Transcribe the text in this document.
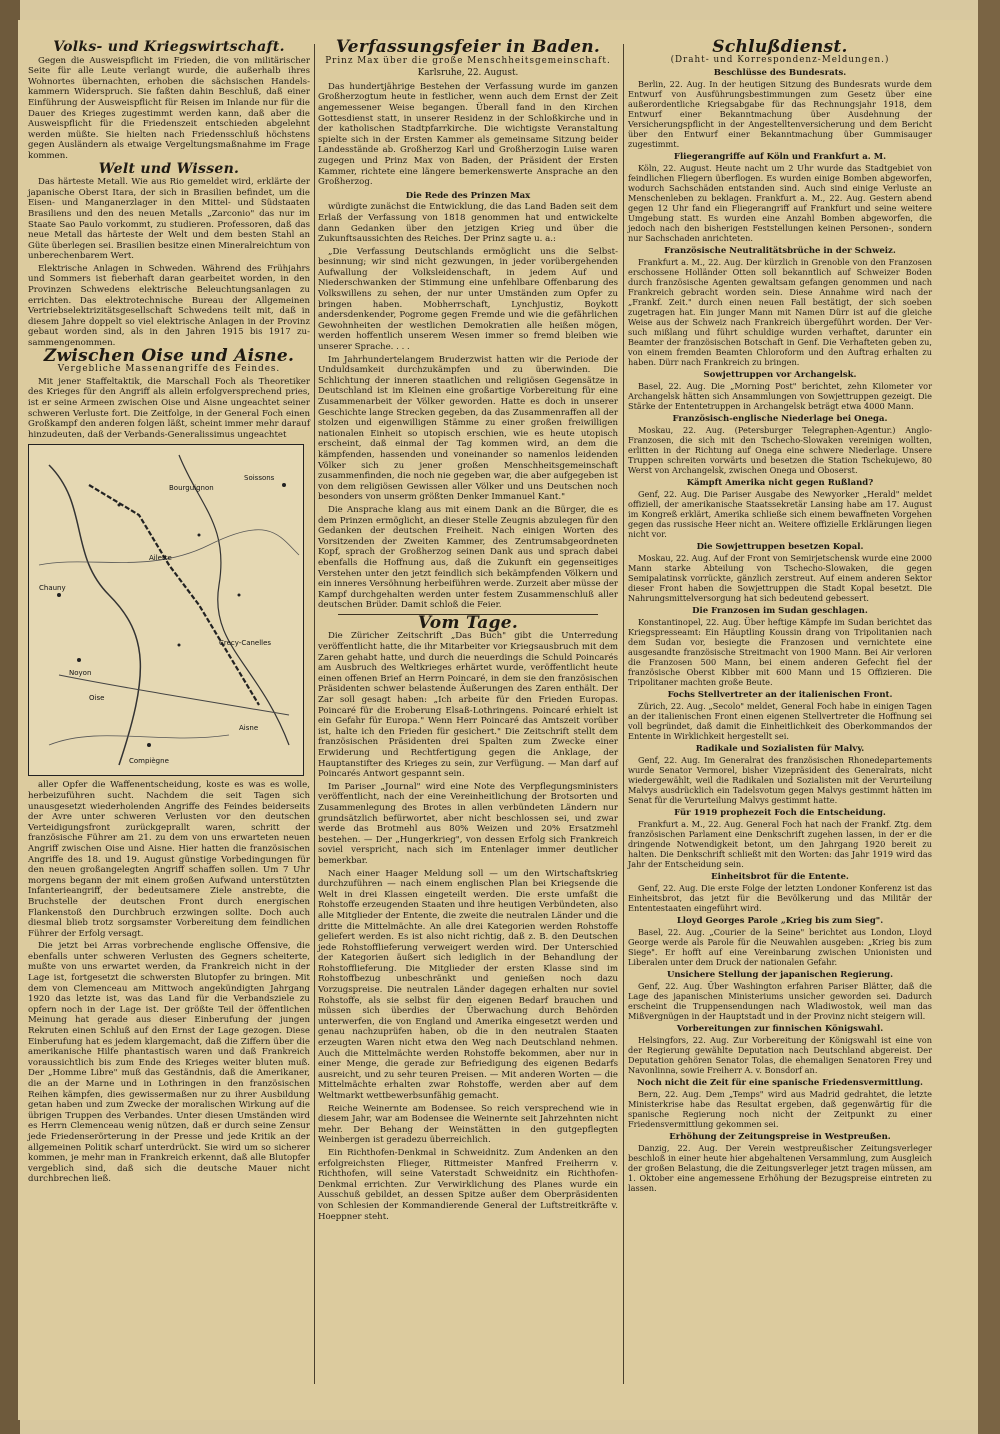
Volks- und Kriegswirtschaft.

Gegen die Ausweispflicht im Frieden, die von militärischer Seite für alle Leute verlangt wurde, die außerhalb ihres Wohnortes übernachten, erhoben die sächsischen Handelskammern Widerspruch. Sie faßten dahin Beschluß, daß einer Einführung der Ausweispflicht für Reisen im Inlande nur für die Dauer des Krieges zugestimmt werden kann, daß aber die Ausweispflicht für die Friedenszeit entschieden abgelehnt werden müßte. Sie hielten nach Friedensschluß höchstens gegen Ausländern als etwaige Vergeltungsmaßnahme im Frage kommen.

Welt und Wissen.

Das härteste Metall. Wie aus Rio gemeldet wird, erklärte der japanische Oberst Itara, der sich in Brasilien befindet, um die Eisen- und Manganerzlager in den Mittel- und Südstaaten Brasiliens und den des neuen Metalls „Zarconio" das nur im Staate Sao Paulo vorkommt, zu studieren. Professoren, daß das neue Metall das härteste der Welt und dem besten Stahl an Güte überlegen sei. Brasilien besitze einen Mineralreichtum von unberechenbarem Wert.

Elektrische Anlagen in Schweden. Während des Frühjahrs und Sommers ist fieberhaft daran gearbeitet worden, in den Provinzen Schwedens elektrische Beleuchtungsanlagen zu errichten. Das elektrotechnische Bureau der Allgemeinen Vertriebselektrizitätsgesellschaft Schwedens teilt mit, daß in diesem Jahre doppelt so viel elektrische Anlagen in der Provinz gebaut worden sind, als in den Jahren 1915 bis 1917 zusammengenommen.

Zwischen Oise und Aisne.
Vergebliche Massenangriffe des Feindes.

Mit jener Staffeltaktik, die Marschall Foch als Theoretiker des Krieges für den Angriff als allein erfolgversprechend pries, ist er seine Armeen zwischen Oise und Aisne ungeachtet seiner schweren Verluste fort. Die Zeitfolge, in der General Foch einen Großkampf den anderen folgen läßt, scheint immer mehr darauf hinzudeuten, daß der Verbands-Generalissimus ungeachtet

Chauny
Noyon
Compiègne
Soissons
Oise
Aisne
Ailette
Bourguignon
Crecy-Canelles

aller Opfer die Waffenentscheidung, koste es was es wolle, herbeizuführen sucht. Nachdem die seit Tagen sich unausgesetzt wiederholenden Angriffe des Feindes beiderseits der Avre unter schweren Verlusten vor den deutschen Verteidigungsfront zurückgeprallt waren, schritt der französische Führer am 21. zu dem von uns erwarteten neuen Angriff zwischen Oise und Aisne. Hier hatten die französischen Angriffe des 18. und 19. August günstige Vorbedingungen für den neuen großangelegten Angriff schaffen sollen. Um 7 Uhr morgens begann der mit einem großen Aufwand unterstützten Infanterieangriff, der bedeutsamere Ziele anstrebte, die Bruchstelle der deutschen Front durch energischen Flankenstoß den Durchbruch erzwingen sollte. Doch auch diesmal blieb trotz sorgsamster Vorbereitung dem feindlichen Führer der Erfolg versagt.

Die jetzt bei Arras vorbrechende englische Offensive, die ebenfalls unter schweren Verlusten des Gegners scheiterte, mußte von uns erwartet werden, da Frankreich nicht in der Lage ist, fortgesetzt die schwersten Blutopfer zu bringen. Mit dem von Clemenceau am Mittwoch angekündigten Jahrgang 1920 das letzte ist, was das Land für die Verbandsziele zu opfern noch in der Lage ist. Der größte Teil der öffentlichen Meinung hat gerade aus dieser Einberufung der jungen Rekruten einen Schluß auf den Ernst der Lage gezogen. Diese Einberufung hat es jedem klargemacht, daß die Ziffern über die amerikanische Hilfe phantastisch waren und daß Frankreich voraussichtlich bis zum Ende des Krieges weiter bluten muß. Der „Homme Libre" muß das Geständnis, daß die Amerikaner, die an der Marne und in Lothringen in den französischen Reihen kämpfen, dies gewissermaßen nur zu ihrer Ausbildung getan haben und zum Zwecke der moralischen Wirkung auf die übrigen Truppen des Verbandes. Unter diesen Umständen wird es Herrn Clemenceau wenig nützen, daß er durch seine Zensur jede Friedenserörterung in der Presse und jede Kritik an der allgemeinen Politik scharf unterdrückt. Sie wird um so sicherer kommen, je mehr man in Frankreich erkennt, daß alle Blutopfer vergeblich sind, daß sich die deutsche Mauer nicht durchbrechen ließ.

Verfassungsfeier in Baden.
Prinz Max über die große Menschheitsgemeinschaft.
Karlsruhe, 22. August.

Das hundertjährige Bestehen der Verfassung wurde im ganzen Großherzogtum heute in festlicher, wenn auch dem Ernst der Zeit angemessener Weise begangen. Überall fand in den Kirchen Gottesdienst statt, in unserer Residenz in der Schloßkirche und in der katholischen Stadtpfarrkirche. Die wichtigste Veranstaltung spielte sich in der Ersten Kammer als gemeinsame Sitzung beider Landesstände ab. Großherzog Karl und Großherzogin Luise waren zugegen und Prinz Max von Baden, der Präsident der Ersten Kammer, richtete eine längere bemerkenswerte Ansprache an den Großherzog.

Die Rede des Prinzen Max

würdigte zunächst die Entwicklung, die das Land Baden seit dem Erlaß der Verfassung von 1818 genommen hat und entwickelte dann Gedanken über den jetzigen Krieg und über die Zukunftsaussichten des Reiches. Der Prinz sagte u. a.:

„Die Verfassung Deutschlands ermöglicht uns die Selbstbesinnung; wir sind nicht gezwungen, in jeder vorübergehenden Aufwallung der Volksleidenschaft, in jedem Auf und Niederschwanken der Stimmung eine unfehlbare Offenbarung des Volkswillens zu sehen, der nur unter Umständen zum Opfer zu bringen haben. Mobherrschaft, Lynchjustiz, Boykott andersdenkender, Pogrome gegen Fremde und wie die gefährlichen Gewohnheiten der westlichen Demokratien alle heißen mögen, werden hoffentlich unserem Wesen immer so fremd bleiben wie unserer Sprache. . . .

Im Jahrhundertelangem Bruderzwist hatten wir die Periode der Unduldsamkeit durchzukämpfen und zu überwinden. Die Schlichtung der inneren staatlichen und religiösen Gegensätze in Deutschland ist im Kleinen eine großartige Vorbereitung für eine Zusammenarbeit der Völker geworden. Hatte es doch in unserer Geschichte lange Strecken gegeben, da das Zusammenraffen all der stolzen und eigenwilligen Stämme zu einer großen freiwilligen nationalen Einheit so utopisch erschien, wie es heute utopisch erscheint, daß einmal der Tag kommen wird, an dem die kämpfenden, hassenden und voneinander so namenlos leidenden Völker sich zu jener großen Menschheitsgemeinschaft zusammenfinden, die noch nie gegeben war, die aber aufgegeben ist von dem religiösen Gewissen aller Völker und uns Deutschen noch besonders von unserm größten Denker Immanuel Kant."

Die Ansprache klang aus mit einem Dank an die Bürger, die es dem Prinzen ermöglicht, an dieser Stelle Zeugnis abzulegen für den Gedanken der deutschen Freiheit. Nach einigen Worten des Vorsitzenden der Zweiten Kammer, des Zentrumsabgeordneten Kopf, sprach der Großherzog seinen Dank aus und sprach dabei ebenfalls die Hoffnung aus, daß die Zukunft ein gegenseitiges Verstehen unter den jetzt feindlich sich bekämpfenden Völkern und ein inneres Versöhnung herbeiführen werde. Zurzeit aber müsse der Kampf durchgehalten werden unter festem Zusammenschluß aller deutschen Brüder. Damit schloß die Feier.

Vom Tage.

Die Züricher Zeitschrift „Das Buch" gibt die Unterredung veröffentlicht hatte, die ihr Mitarbeiter vor Kriegsausbruch mit dem Zaren gehabt hatte, und durch die neuerdings die Schuld Poincarés am Ausbruch des Weltkrieges erhärtet wurde, veröffentlicht heute einen offenen Brief an Herrn Poincaré, in dem sie den französischen Präsidenten schwer belastende Äußerungen des Zaren enthält. Der Zar soll gesagt haben: „Ich arbeite für den Frieden Europas. Poincaré für die Eroberung Elsaß-Lothringens. Poincaré erhielt ist ein Gefahr für Europa." Wenn Herr Poincaré das Amtszeit vorüber ist, halte ich den Frieden für gesichert." Die Zeitschrift stellt dem französischen Präsidenten drei Spalten zum Zwecke einer Erwiderung und Rechtfertigung gegen die Anklage, der Hauptanstifter des Krieges zu sein, zur Verfügung. — Man darf auf Poincarés Antwort gespannt sein.

Im Pariser „Journal" wird eine Note des Verpflegungsministers veröffentlicht, nach der eine Vereinheitlichung der Brotsorten und Zusammenlegung des Brotes in allen verbündeten Ländern nur grundsätzlich befürwortet, aber nicht beschlossen sei, und zwar werde das Brotmehl aus 80% Weizen und 20% Ersatzmehl bestehen. — Der „Hungerkrieg", von dessen Erfolg sich Frankreich soviel verspricht, nach sich im Entenlager immer deutlicher bemerkbar.

Nach einer Haager Meldung soll — um den Wirtschaftskrieg durchzuführen — nach einem englischen Plan bei Kriegsende die Welt in drei Klassen eingeteilt werden. Die erste umfaßt die Rohstoffe erzeugenden Staaten und ihre heutigen Verbündeten, also alle Mitglieder der Entente, die zweite die neutralen Länder und die dritte die Mittelmächte. An alle drei Kategorien werden Rohstoffe geliefert werden. Es ist also nicht richtig, daß z. B. den Deutschen jede Rohstofflieferung verweigert werden wird. Der Unterschied der Kategorien äußert sich lediglich in der Behandlung der Rohstofflieferung. Die Mitglieder der ersten Klasse sind im Rohstoffbezug unbeschränkt und genießen noch dazu Vorzugspreise. Die neutralen Länder dagegen erhalten nur soviel Rohstoffe, als sie selbst für den eigenen Bedarf brauchen und müssen sich überdies der Überwachung durch Behörden unterwerfen, die von England und Amerika eingesetzt werden und genau nachzuprüfen haben, ob die in den neutralen Staaten erzeugten Waren nicht etwa den Weg nach Deutschland nehmen. Auch die Mittelmächte werden Rohstoffe bekommen, aber nur in einer Menge, die gerade zur Befriedigung des eigenen Bedarfs ausreicht, und zu sehr teuren Preisen. — Mit anderen Worten — die Mittelmächte erhalten zwar Rohstoffe, werden aber auf dem Weltmarkt wettbewerbsunfähig gemacht.

Reiche Weinernte am Bodensee. So reich versprechend wie in diesem Jahr, war am Bodensee die Weinernte seit Jahrzehnten nicht mehr. Der Behang der Weinstätten in den gutgepflegten Weinbergen ist geradezu überreichlich.

Ein Richthofen-Denkmal in Schweidnitz. Zum Andenken an den erfolgreichsten Flieger, Rittmeister Manfred Freiherrn v. Richthofen, will seine Vaterstadt Schweidnitz ein Richthofen-Denkmal errichten. Zur Verwirklichung des Planes wurde ein Ausschuß gebildet, an dessen Spitze außer dem Oberpräsidenten von Schlesien der Kommandierende General der Luftstreitkräfte v. Hoeppner steht.

Schlußdienst.
(Draht- und Korrespondenz-Meldungen.)
Beschlüsse des Bundesrats.

Berlin, 22. Aug. In der heutigen Sitzung des Bundesrats wurde dem Entwurf von Ausführungsbestimmungen zum Gesetz über eine außerordentliche Kriegsabgabe für das Rechnungsjahr 1918, dem Entwurf einer Bekanntmachung über Ausdehnung der Versicherungspflicht in der Angestelltenversicherung und dem Bericht über den Entwurf einer Bekanntmachung über Gummisauger zugestimmt.

Fliegerangriffe auf Köln und Frankfurt a. M.

Köln, 22. August. Heute nacht um 2 Uhr wurde das Stadtgebiet von feindlichen Fliegern überflogen. Es wurden einige Bomben abgeworfen, wodurch Sachschäden entstanden sind. Auch sind einige Verluste an Menschenleben zu beklagen. Frankfurt a. M., 22. Aug. Gestern abend gegen 12 Uhr fand ein Fliegerangriff auf Frankfurt und seine weitere Umgebung statt. Es wurden eine Anzahl Bomben abgeworfen, die jedoch nach den bisherigen Feststellungen keinen Personen-, sondern nur Sachschaden anrichteten.

Französische Neutralitätsbrüche in der Schweiz.

Frankfurt a. M., 22. Aug. Der kürzlich in Grenoble von den Franzosen erschossene Holländer Otten soll bekanntlich auf Schweizer Boden durch französische Agenten gewaltsam gefangen genommen und nach Frankreich gebracht worden sein. Diese Annahme wird nach der „Frankf. Zeit." durch einen neuen Fall bestätigt, der sich soeben zugetragen hat. Ein junger Mann mit Namen Dürr ist auf die gleiche Weise aus der Schweiz nach Frankreich übergeführt worden. Der Versuch mißlang und führt schuldige wurden verhaftet, darunter ein Beamter der französischen Botschaft in Genf. Die Verhafteten geben zu, von einem fremden Beamten Chloroform und den Auftrag erhalten zu haben. Dürr nach Frankreich zu bringen.

Sowjettruppen vor Archangelsk.

Basel, 22. Aug. Die „Morning Post" berichtet, zehn Kilometer vor Archangelsk hätten sich Ansammlungen von Sowjettruppen gezeigt. Die Stärke der Ententetruppen in Archangelsk beträgt etwa 4000 Mann.

Französisch-englische Niederlage bei Onega.

Moskau, 22. Aug. (Petersburger Telegraphen-Agentur.) Anglo-Franzosen, die sich mit den Tschecho-Slowaken vereinigen wollten, erlitten in der Richtung auf Onega eine schwere Niederlage. Unsere Truppen schreiten vorwärts und besetzen die Station Tschekujewo, 80 Werst von Archangelsk, zwischen Onega und Oboserst.

Kämpft Amerika nicht gegen Rußland?

Genf, 22. Aug. Die Pariser Ausgabe des Newyorker „Herald" meldet offiziell, der amerikanische Staatssekretär Lansing habe am 17. August im Kongreß erklärt, Amerika schließe sich einem bewaffneten Vorgehen gegen das russische Heer nicht an. Weitere offizielle Erklärungen liegen nicht vor.

Die Sowjettruppen besetzen Kopal.

Moskau, 22. Aug. Auf der Front von Semirjetschensk wurde eine 2000 Mann starke Abteilung von Tschecho-Slowaken, die gegen Semipalatinsk vorrückte, gänzlich zerstreut. Auf einem anderen Sektor dieser Front haben die Sowjettruppen die Stadt Kopal besetzt. Die Nahrungsmittelversorgung hat sich bedeutend gebessert.

Die Franzosen im Sudan geschlagen.

Konstantinopel, 22. Aug. Über heftige Kämpfe im Sudan berichtet das Kriegspresseamt: Ein Häuptling Koussin drang von Tripolitanien nach dem Sudan vor, besiegte die Franzosen und vernichtete eine ausgesandte französische Streitmacht von 1900 Mann. Bei Air verloren die Franzosen 500 Mann, bei einem anderen Gefecht fiel der französische Oberst Kibber mit 600 Mann und 15 Offizieren. Die Tripolitaner machten große Beute.

Fochs Stellvertreter an der italienischen Front.

Zürich, 22. Aug. „Secolo" meldet, General Foch habe in einigen Tagen an der italienischen Front einen eigenen Stellvertreter die Hoffnung sei voll begründet, daß damit die Einheitlichkeit des Oberkommandos der Entente in Wirklichkeit hergestellt sei.

Radikale und Sozialisten für Malvy.

Genf, 22. Aug. Im Generalrat des französischen Rhonedepartements wurde Senator Vermorel, bisher Vizepräsident des Generalrats, nicht wiedergewählt, weil die Radikalen und Sozialisten mit der Verurteilung Malvys ausdrücklich ein Tadelsvotum gegen Malvys gestimmt hätten im Senat für die Verurteilung Malvys gestimmt hatte.

Für 1919 prophezeit Foch die Entscheidung.

Frankfurt a. M., 22. Aug. General Foch hat nach der Frankf. Ztg. dem französischen Parlament eine Denkschrift zugehen lassen, in der er die dringende Notwendigkeit betont, um den Jahrgang 1920 bereit zu halten. Die Denkschrift schließt mit den Worten: das Jahr 1919 wird das Jahr der Entscheidung sein.

Einheitsbrot für die Entente.

Genf, 22. Aug. Die erste Folge der letzten Londoner Konferenz ist das Einheitsbrot, das jetzt für die Bevölkerung und das Militär der Ententestaaten eingeführt wird.

Lloyd Georges Parole „Krieg bis zum Sieg".

Basel, 22. Aug. „Courier de la Seine" berichtet aus London, Lloyd George werde als Parole für die Neuwahlen ausgeben: „Krieg bis zum Siege". Er hofft auf eine Vereinbarung zwischen Unionisten und Liberalen unter dem Druck der nationalen Gefahr.

Unsichere Stellung der japanischen Regierung.

Genf, 22. Aug. Über Washington erfahren Pariser Blätter, daß die Lage des japanischen Ministeriums unsicher geworden sei. Dadurch erscheint die Truppensendungen nach Wladiwostok, weil man das Mißvergnügen in der Hauptstadt und in der Provinz nicht steigern will.

Vorbereitungen zur finnischen Königswahl.

Helsingfors, 22. Aug. Zur Vorbereitung der Königswahl ist eine von der Regierung gewählte Deputation nach Deutschland abgereist. Der Deputation gehören Senator Tolas, die ehemaligen Senatoren Frey und Navonlinna, sowie Freiherr A. v. Bonsdorf an.

Noch nicht die Zeit für eine spanische Friedensvermittlung.

Bern, 22. Aug. Dem „Temps" wird aus Madrid gedrahtet, die letzte Ministerkrise habe das Resultat ergeben, daß gegenwärtig für die spanische Regierung noch nicht der Zeitpunkt zu einer Friedensvermittlung gekommen sei.

Erhöhung der Zeitungspreise in Westpreußen.

Danzig, 22. Aug. Der Verein westpreußischer Zeitungsverleger beschloß in einer heute hier abgehaltenen Versammlung, zum Ausgleich der großen Belastung, die die Zeitungsverleger jetzt tragen müssen, am 1. Oktober eine angemessene Erhöhung der Bezugspreise eintreten zu lassen.
